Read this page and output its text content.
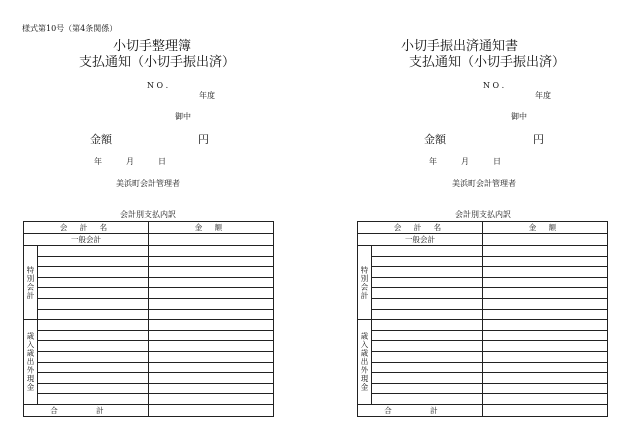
様式第10号（第4条関係）
小切手整理簿
支払通知（小切手振出済）
N O .
年度
御中
金額	円
年	月	日
美浜町会計管理者
会計別支払内訳
会 計 名		金 額
一般会計		
特別会計		

歳入歳出外現金		

合 計		
小切手振出済通知書
支払通知（小切手振出済）
N O .
年度
御中
金額	円
年	月	日
美浜町会計管理者
会計別支払内訳
会 計 名		金 額
一般会計		
特別会計		

歳入歳出外現金		

合 計		
